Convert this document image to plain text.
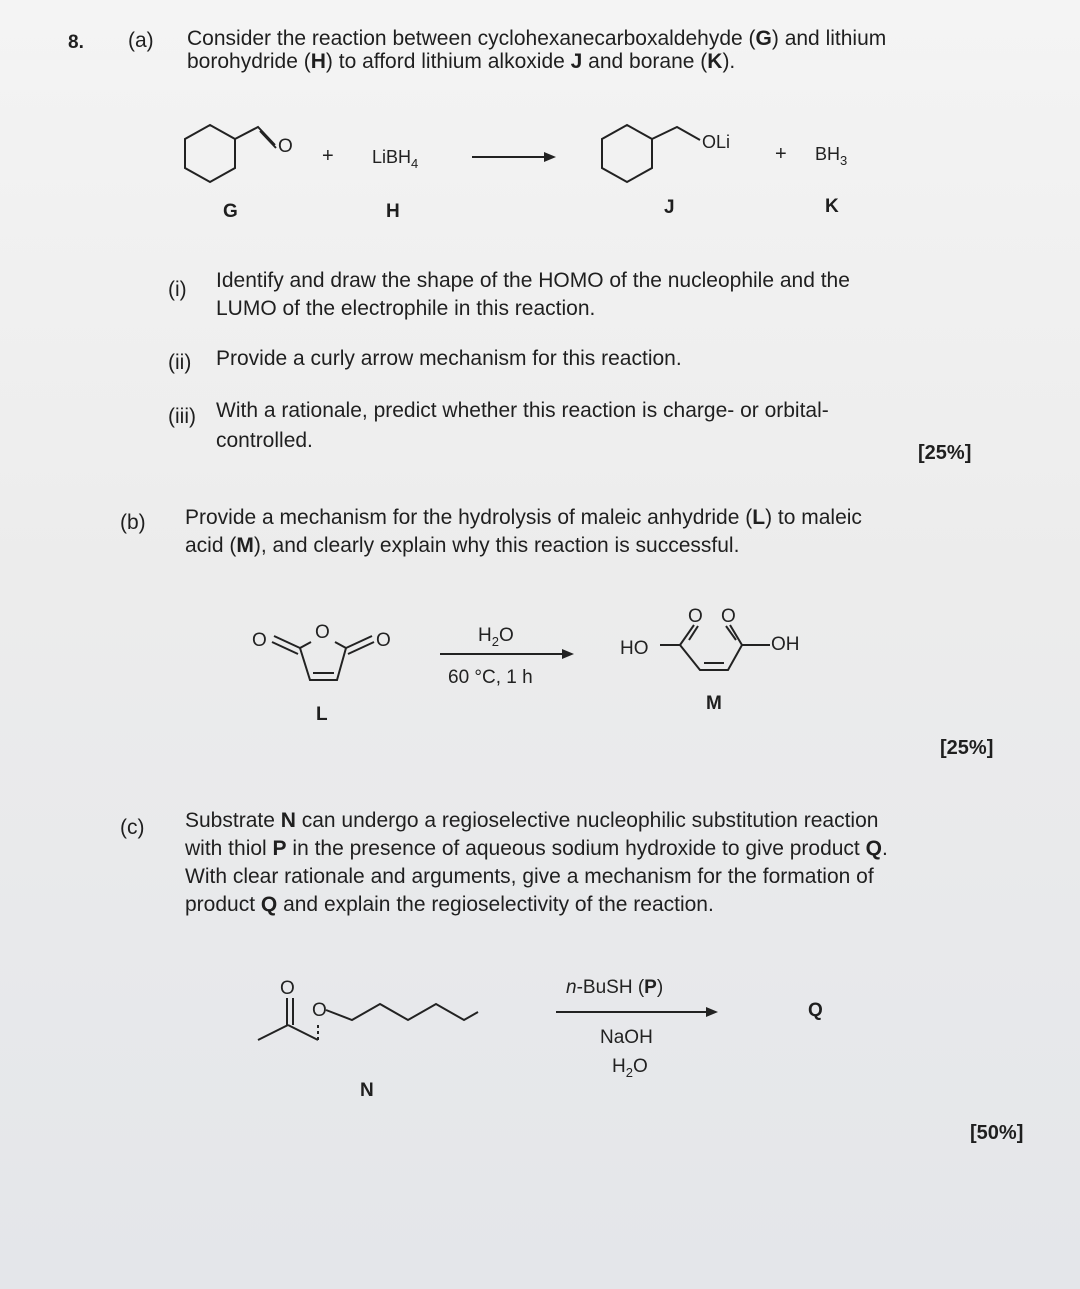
8. (a) Consider the reaction between cyclohexanecarboxaldehyde (G) and lithium
borohydride (H) to afford lithium alkoxide J and borane (K).
O + LiBH$_4$
OLi
+ $BH_3$
G	H	J	K
(i) Identify and draw the shape of the HOMO of the nucleophile and the
LUMO of the electrophile in this reaction.
(ii) Provide a curly arrow mechanism for this reaction.
(iii) With a rationale, predict whether this reaction is charge- or orbital-
controlled.
[25%]
(b) Provide a mechanism for the hydrolysis of maleic anhydride (L) to maleic
acid (M), and clearly explain why this reaction is successful.
O	O O	$H_2O$
60 °C, 1 h
HO	OH
O O
L
M
[25%]
(c) Substrate N can undergo a regioselective nucleophilic substitution reaction
with thiol P in the presence of aqueous sodium hydroxide to give product Q.
With clear rationale and arguments, give a mechanism for the formation of
product Q and explain the regioselectivity of the reaction.
O
O
n-BuSH (P)
NaOH
$H_2O$
N
Q
[50%]
